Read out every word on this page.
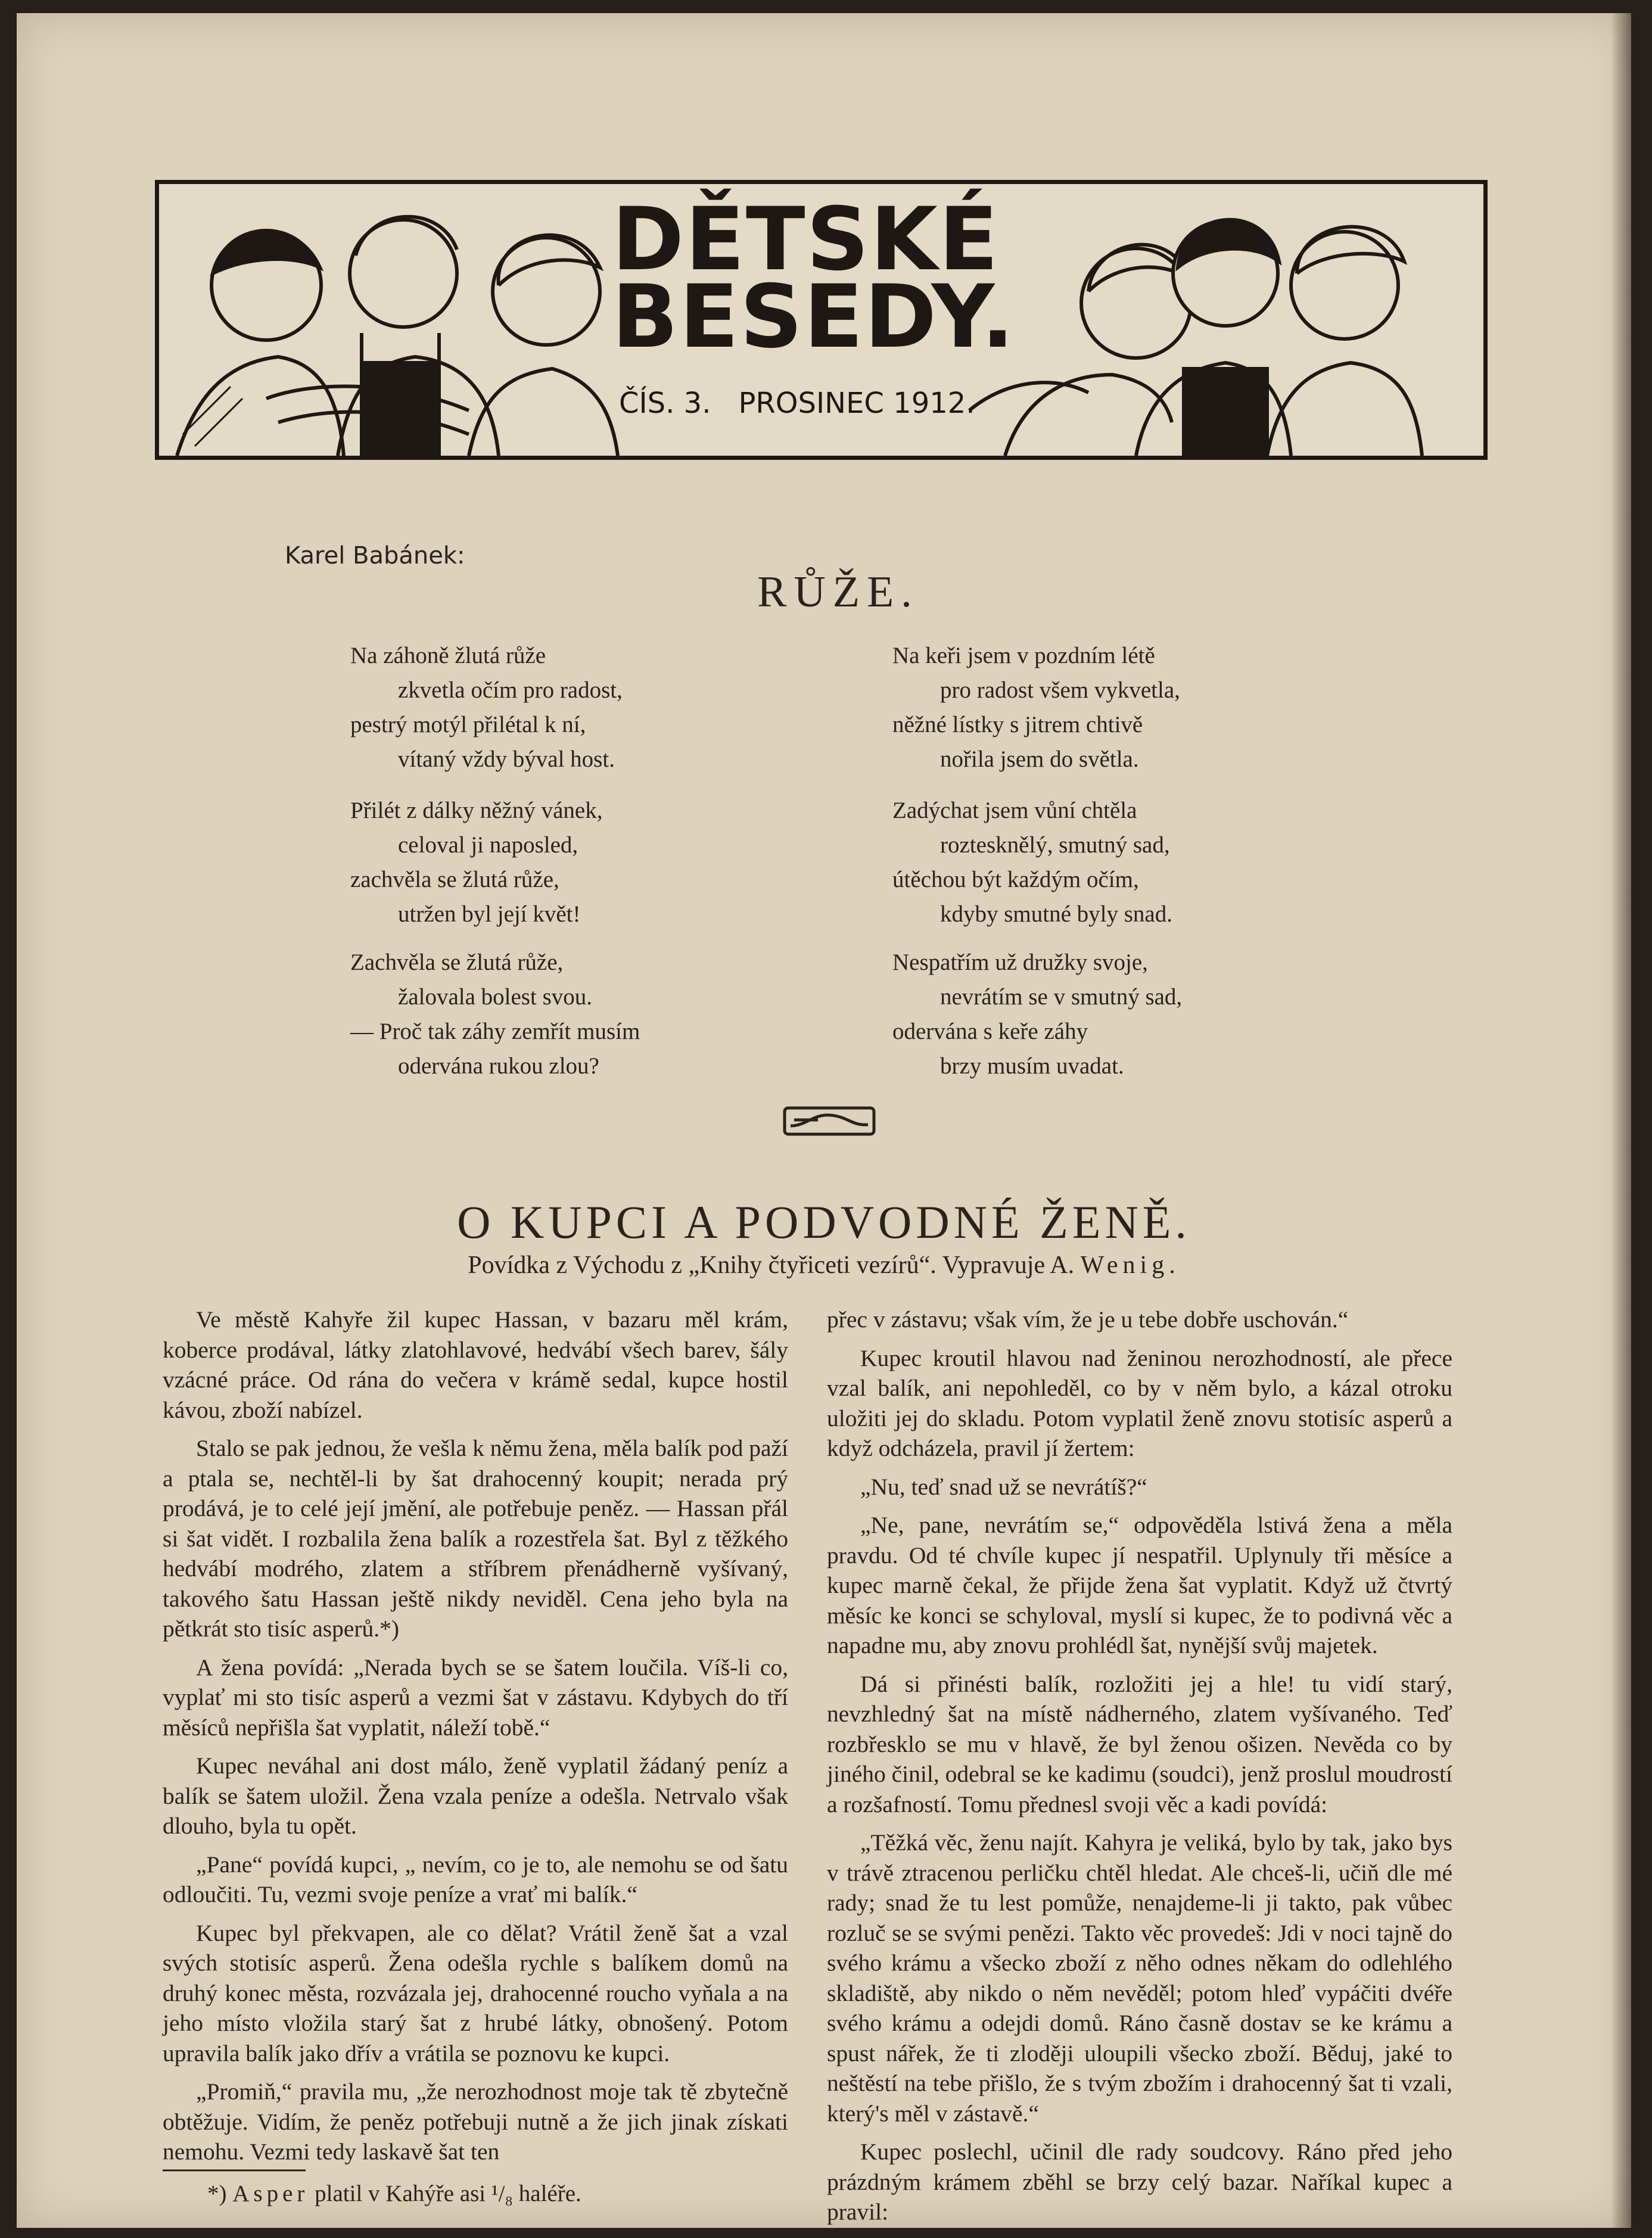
DĚTSKÉ
BESEDY.
ČÍS. 3. PROSINEC 1912.
Karel Babánek:
RŮŽE.
Na záhoně žlutá růže
zkvetla očím pro radost,
pestrý motýl přilétal k ní,
vítaný vždy býval host.
Přilét z dálky něžný vánek,
celoval ji naposled,
zachvěla se žlutá růže,
utržen byl její květ!
Zachvěla se žlutá růže,
žalovala bolest svou.
— Proč tak záhy zemřít musím
odervána rukou zlou?
Na keři jsem v pozdním létě
pro radost všem vykvetla,
něžné lístky s jitrem chtivě
nořila jsem do světla.
Zadýchat jsem vůní chtěla
roztesknělý, smutný sad,
útěchou být každým očím,
kdyby smutné byly snad.
Nespatřím už družky svoje,
nevrátím se v smutný sad,
odervána s keře záhy
brzy musím uvadat.
O KUPCI A PODVODNÉ ŽENĚ.
Povídka z Východu z „Knihy čtyřiceti vezírů“. Vypravuje A. Wenig.

Ve městě Kahyře žil kupec Hassan, v bazaru měl krám, koberce prodával, látky zlatohlavové, hedvábí všech barev, šály vzácné práce. Od rána do večera v krámě sedal, kupce hostil kávou, zboží nabízel.

Stalo se pak jednou, že vešla k němu žena, měla balík pod paží a ptala se, nechtěl-li by šat drahocenný koupit; nerada prý prodává, je to celé její jmění, ale potřebuje peněz. — Hassan přál si šat vidět. I rozbalila žena balík a rozestřela šat. Byl z těžkého hedvábí modrého, zlatem a stříbrem přenádherně vyšívaný, takového šatu Hassan ještě nikdy neviděl. Cena jeho byla na pětkrát sto tisíc asperů.*)

A žena povídá: „Nerada bych se se šatem loučila. Víš-li co, vyplať mi sto tisíc asperů a vezmi šat v zástavu. Kdybych do tří měsíců nepřišla šat vyplatit, náleží tobě.“

Kupec neváhal ani dost málo, ženě vyplatil žádaný peníz a balík se šatem uložil. Žena vzala peníze a odešla. Netrvalo však dlouho, byla tu opět.

„Pane“ povídá kupci, „ nevím, co je to, ale nemohu se od šatu odloučiti. Tu, vezmi svoje peníze a vrať mi balík.“

Kupec byl překvapen, ale co dělat? Vrátil ženě šat a vzal svých stotisíc asperů. Žena odešla rychle s balíkem domů na druhý konec města, rozvázala jej, drahocenné roucho vyňala a na jeho místo vložila starý šat z hrubé látky, obnošený. Potom upravila balík jako dřív a vrátila se poznovu ke kupci.

„Promiň,“ pravila mu, „že nerozhodnost moje tak tě zbytečně obtěžuje. Vidím, že peněz potřebuji nutně a že jich jinak získati nemohu. Vezmi tedy laskavě šat ten

přec v zástavu; však vím, že je u tebe dobře uschován.“

Kupec kroutil hlavou nad ženinou nerozhodností, ale přece vzal balík, ani nepohleděl, co by v něm bylo, a kázal otroku uložiti jej do skladu. Potom vyplatil ženě znovu stotisíc asperů a když odcházela, pravil jí žertem:

„Nu, teď snad už se nevrátíš?“

„Ne, pane, nevrátím se,“ odpověděla lstivá žena a měla pravdu. Od té chvíle kupec jí nespatřil. Uplynuly tři měsíce a kupec marně čekal, že přijde žena šat vyplatit. Když už čtvrtý měsíc ke konci se schyloval, myslí si kupec, že to podivná věc a napadne mu, aby znovu prohlédl šat, nynější svůj majetek.

Dá si přinésti balík, rozložiti jej a hle! tu vidí starý, nevzhledný šat na místě nádherného, zlatem vyšívaného. Teď rozbřesklo se mu v hlavě, že byl ženou ošizen. Nevěda co by jiného činil, odebral se ke kadimu (soudci), jenž proslul moudrostí a rozšafností. Tomu přednesl svoji věc a kadi povídá:

„Těžká věc, ženu najít. Kahyra je veliká, bylo by tak, jako bys v trávě ztracenou perličku chtěl hledat. Ale chceš-li, učiň dle mé rady; snad že tu lest pomůže, nenajdeme-li ji takto, pak vůbec rozluč se se svými penězi. Takto věc provedeš: Jdi v noci tajně do svého krámu a všecko zboží z něho odnes někam do odlehlého skladiště, aby nikdo o něm nevěděl; potom hleď vypáčiti dvéře svého krámu a odejdi domů. Ráno časně dostav se ke krámu a spust nářek, že ti zloději uloupili všecko zboží. Běduj, jaké to neštěstí na tebe přišlo, že s tvým zbožím i drahocenný šat ti vzali, který's měl v zástavě.“

Kupec poslechl, učinil dle rady soudcovy. Ráno před jeho prázdným krámem zběhl se brzy celý bazar. Naříkal kupec a pravil:

*) Asper platil v Kahýře asi ¹/₈ haléře.
